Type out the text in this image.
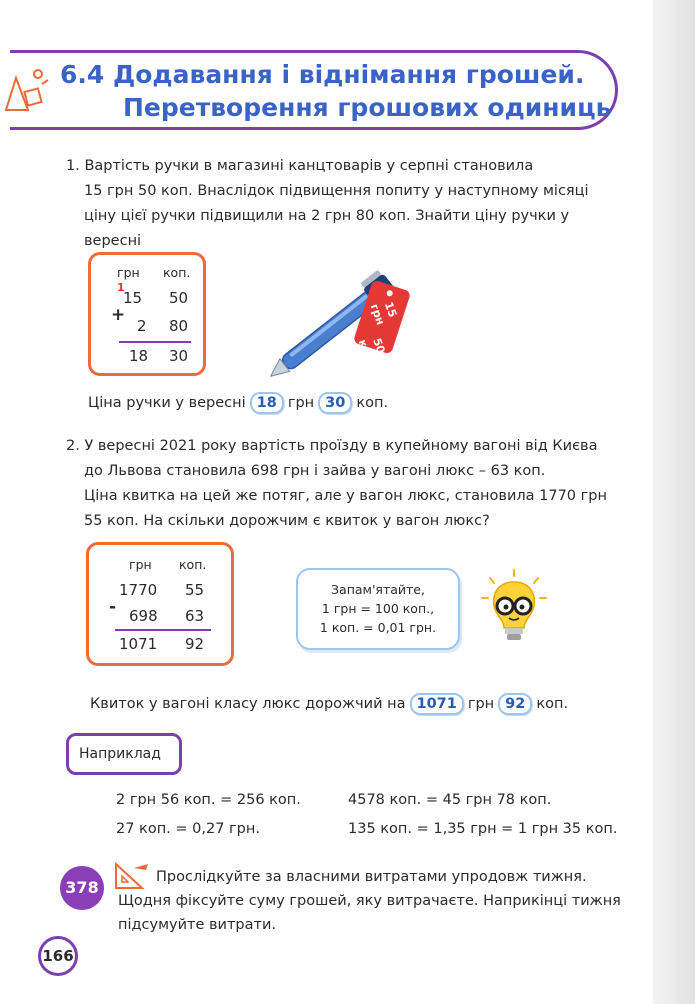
6.4 Додавання і віднімання грошей.
Перетворення грошових одиниць

1. Вартість ручки в магазині канцтоварів у серпні становила

15 грн 50 коп. Внаслідок підвищення попиту у наступному місяці

ціну цієї ручки підвищили на 2 грн 80 коп. Знайти ціну ручки у

вересні

грн коп.
1
15 50
+
2 80
18 30
15 грн
50 коп
Ціна ручки у вересні 18 грн 30 коп.

2. У вересні 2021 року вартість проїзду в купейному вагоні від Києва

до Львова становила 698 грн і зайва у вагоні люкс – 63 коп.

Ціна квитка на цей же потяг, але у вагон люкс, становила 1770 грн

55 коп. На скільки дорожчим є квиток у вагон люкс?

грн коп.
1770 55
- 698 63
1071 92
Запам'ятайте,
1 грн = 100 коп.,
1 коп. = 0,01 грн.
Квиток у вагоні класу люкс дорожчий на 1071 грн 92 коп.
Наприклад
2 грн 56 коп. = 256 коп.	4578 коп. = 45 грн 78 коп.
27 коп. = 0,27 грн.	135 коп. = 1,35 грн = 1 грн 35 коп.
378

Прослідкуйте за власними витратами упродовж тижня.

Щодня фіксуйте суму грошей, яку витрачаєте. Наприкінці тижня

підсумуйте витрати.

166
